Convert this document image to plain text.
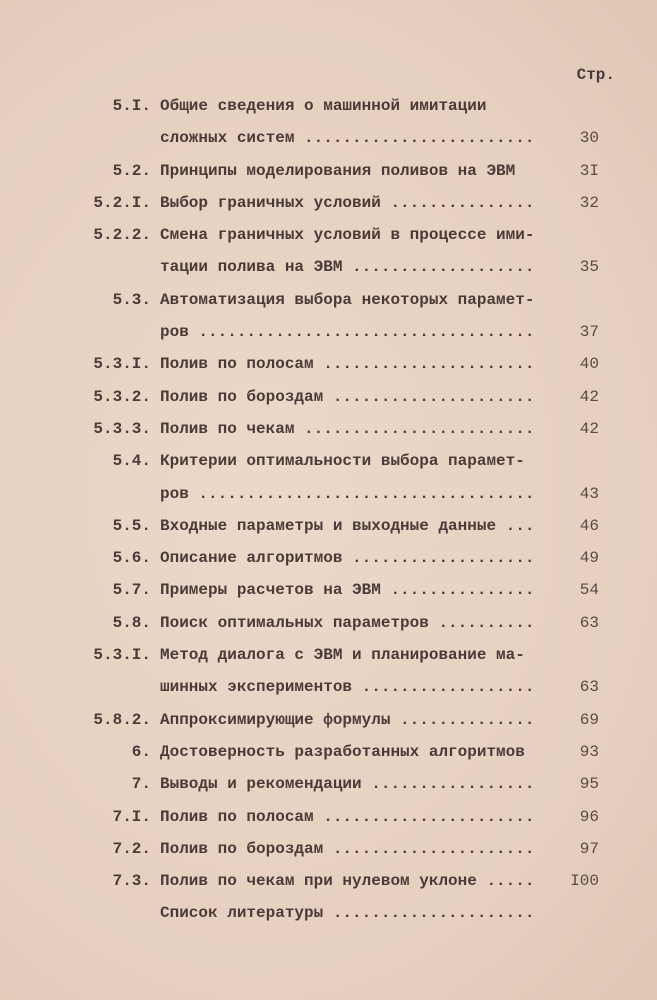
Стр.
5.I. Общие сведения о машинной имитации
сложных систем ........................	30
5.2. Принципы моделирования поливов на ЭВМ	3I
5.2.I. Выбор граничных условий ...............	32
5.2.2. Смена граничных условий в процессе ими-
тации полива на ЭВМ ...................	35
5.3. Автоматизация выбора некоторых парамет-
ров ...................................	37
5.3.I. Полив по полосам ......................	40
5.3.2. Полив по бороздам .....................	42
5.3.3. Полив по чекам ........................	42
5.4. Критерии оптимальности выбора парамет-
ров ...................................	43
5.5. Входные параметры и выходные данные ...	46
5.6. Описание алгоритмов ...................	49
5.7. Примеры расчетов на ЭВМ ...............	54
5.8. Поиск оптимальных параметров ..........	63
5.3.I. Метод диалога с ЭВМ и планирование ма-
шинных экспериментов ..................	63
5.8.2. Аппроксимирующие формулы ..............	69
6. Достоверность разработанных алгоритмов	93
7. Выводы и рекомендации .................	95
7.I. Полив по полосам ......................	96
7.2. Полив по бороздам .....................	97
7.3. Полив по чекам при нулевом уклоне ..... I00
Список литературы .....................
